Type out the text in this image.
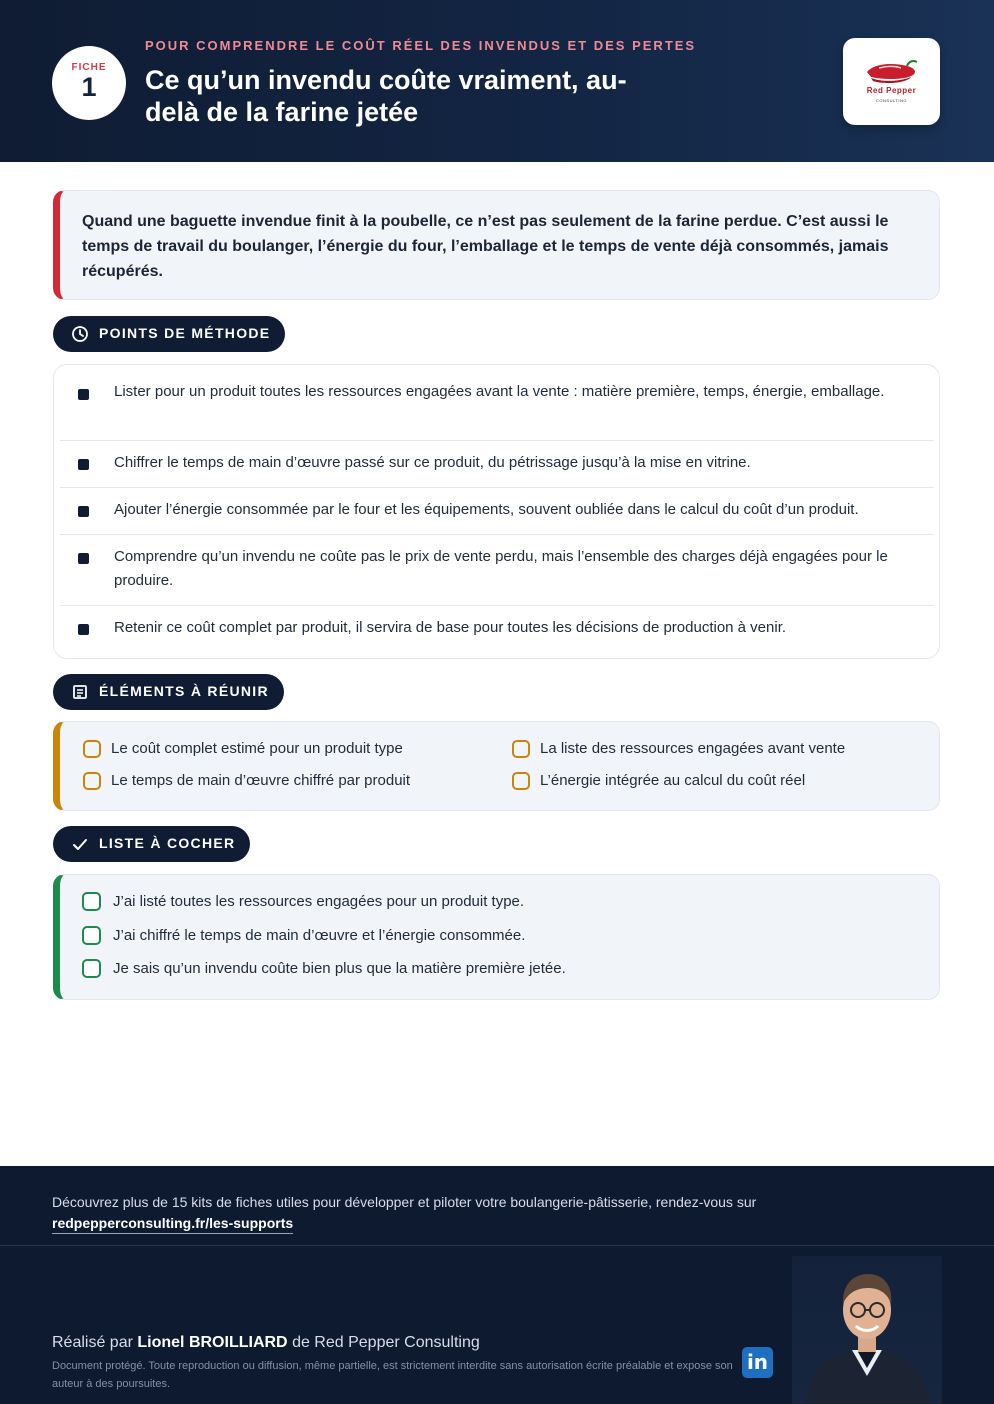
FICHE
1
POUR COMPRENDRE LE COÛT RÉEL DES INVENDUS ET DES PERTES
Ce qu’un invendu coûte vraiment, au-delà de la farine jetée
Red Pepper
CONSULTING

Quand une baguette invendue finit à la poubelle, ce n’est pas seulement de la farine perdue. C’est aussi le temps de travail du boulanger, l’énergie du four, l’emballage et le temps de vente déjà consommés, jamais récupérés.

POINTS DE MÉTHODE
Lister pour un produit toutes les ressources engagées avant la vente : matière première, temps, énergie, emballage.
Chiffrer le temps de main d’œuvre passé sur ce produit, du pétrissage jusqu’à la mise en vitrine.
Ajouter l’énergie consommée par le four et les équipements, souvent oubliée dans le calcul du coût d’un produit.
Comprendre qu’un invendu ne coûte pas le prix de vente perdu, mais l’ensemble des charges déjà engagées pour le produire.
Retenir ce coût complet par produit, il servira de base pour toutes les décisions de production à venir.
ÉLÉMENTS À RÉUNIR
Le coût complet estimé pour un produit type	La liste des ressources engagées avant vente
Le temps de main d’œuvre chiffré par produit	L’énergie intégrée au calcul du coût réel
LISTE À COCHER
J’ai listé toutes les ressources engagées pour un produit type.
J’ai chiffré le temps de main d’œuvre et l’énergie consommée.
Je sais qu’un invendu coûte bien plus que la matière première jetée.
Découvrez plus de 15 kits de fiches utiles pour développer et piloter votre boulangerie-pâtisserie, rendez-vous sur
redpepperconsulting.fr/les-supports
Réalisé par Lionel BROILLIARD de Red Pepper Consulting
Document protégé. Toute reproduction ou diffusion, même partielle, est strictement interdite sans autorisation écrite préalable et expose son auteur à des poursuites.
in
